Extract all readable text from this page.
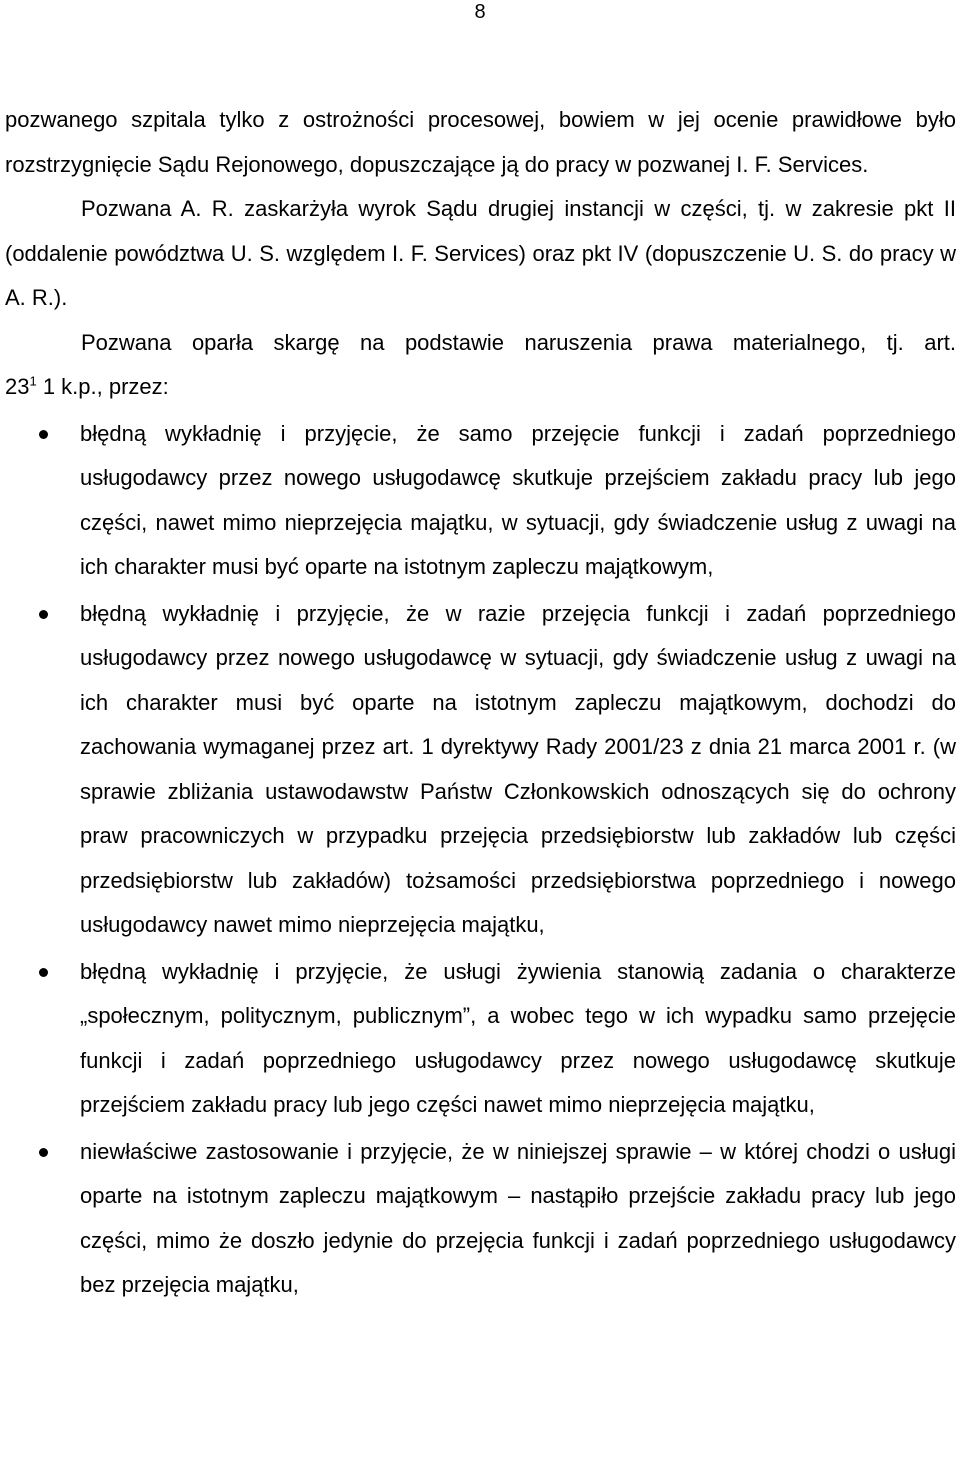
8

pozwanego szpitala tylko z ostrożności procesowej, bowiem w jej ocenie prawidłowe było rozstrzygnięcie Sądu Rejonowego, dopuszczające ją do pracy w pozwanej I. F. Services.

Pozwana A. R. zaskarżyła wyrok Sądu drugiej instancji w części, tj. w zakresie pkt II (oddalenie powództwa U. S. względem I. F. Services) oraz pkt IV (dopuszczenie U. S. do pracy w A. R.).

Pozwana oparła skargę na podstawie naruszenia prawa materialnego, tj. art.

$23^1$ 1 k.p., przez:

błędną wykładnię i przyjęcie, że samo przejęcie funkcji i zadań poprzedniego usługodawcy przez nowego usługodawcę skutkuje przejściem zakładu pracy lub jego części, nawet mimo nieprzejęcia majątku, w sytuacji, gdy świadczenie usług z uwagi na ich charakter musi być oparte na istotnym zapleczu majątkowym,
błędną wykładnię i przyjęcie, że w razie przejęcia funkcji i zadań poprzedniego usługodawcy przez nowego usługodawcę w sytuacji, gdy świadczenie usług z uwagi na ich charakter musi być oparte na istotnym zapleczu majątkowym, dochodzi do zachowania wymaganej przez art. 1 dyrektywy Rady 2001/23 z dnia 21 marca 2001 r. (w sprawie zbliżania ustawodawstw Państw Członkowskich odnoszących się do ochrony praw pracowniczych w przypadku przejęcia przedsiębiorstw lub zakładów lub części przedsiębiorstw lub zakładów) tożsamości przedsiębiorstwa poprzedniego i nowego usługodawcy nawet mimo nieprzejęcia majątku,
błędną wykładnię i przyjęcie, że usługi żywienia stanowią zadania o charakterze „społecznym, politycznym, publicznym”, a wobec tego w ich wypadku samo przejęcie funkcji i zadań poprzedniego usługodawcy przez nowego usługodawcę skutkuje przejściem zakładu pracy lub jego części nawet mimo nieprzejęcia majątku,
niewłaściwe zastosowanie i przyjęcie, że w niniejszej sprawie – w której chodzi o usługi oparte na istotnym zapleczu majątkowym – nastąpiło przejście zakładu pracy lub jego części, mimo że doszło jedynie do przejęcia funkcji i zadań poprzedniego usługodawcy bez przejęcia majątku,
